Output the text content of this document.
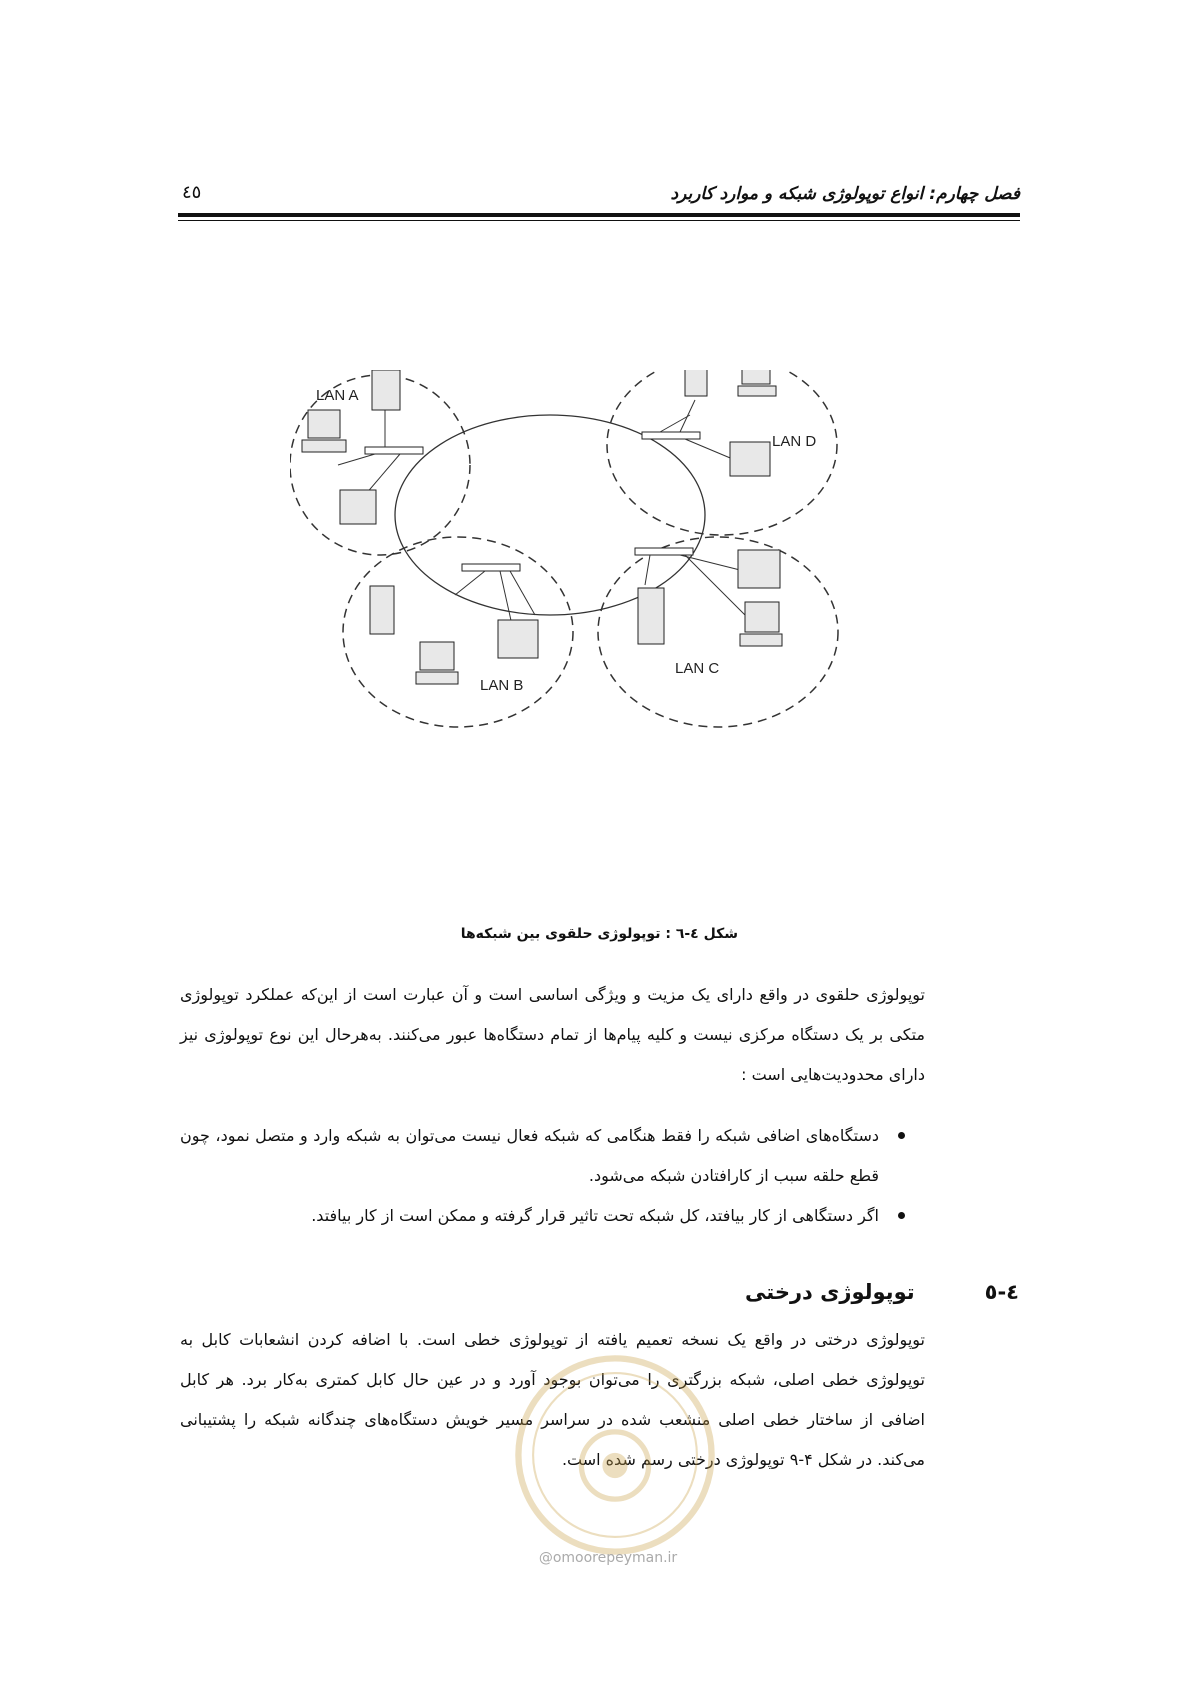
فصل چهارم: انواع توپولوژی شبکه و موارد کاربرد
٤٥
LAN A
LAN D
LAN B
LAN C
شکل ٤-٦ : توپولوژی حلقوی بین شبکه‌ها

توپولوژی حلقوی در واقع دارای یک مزیت و ویژگی اساسی است و آن عبارت است از این‌که عملکرد توپولوژی متکی بر یک دستگاه مرکزی نیست و کلیه پیام‌ها از تمام دستگاه‌ها عبور می‌کنند. به‌هرحال این نوع توپولوژی نیز دارای محدودیت‌هایی است :

دستگاه‌های اضافی شبکه را فقط هنگامی که شبکه فعال نیست می‌توان به شبکه وارد و متصل نمود، چون قطع حلقه سبب از کارافتادن شبکه می‌شود.
اگر دستگاهی از کار بیافتد، کل شبکه تحت تاثیر قرار گرفته و ممکن است از کار بیافتد.
٤-٥توپولوژی درختی

توپولوژی درختی در واقع یک نسخه تعمیم یافته از توپولوژی خطی است. با اضافه کردن انشعابات کابل به توپولوژی خطی اصلی، شبکه بزرگتری را می‌توان بوجود آورد و در عین حال کابل کمتری به‌کار برد. هر کابل اضافی از ساختار خطی اصلی منشعب شده در سراسر مسیر خویش دستگاه‌های چندگانه شبکه را پشتیبانی می‌کند. در شکل ۴-۹ توپولوژی درختی رسم شده است.

@omoorepeyman.ir
